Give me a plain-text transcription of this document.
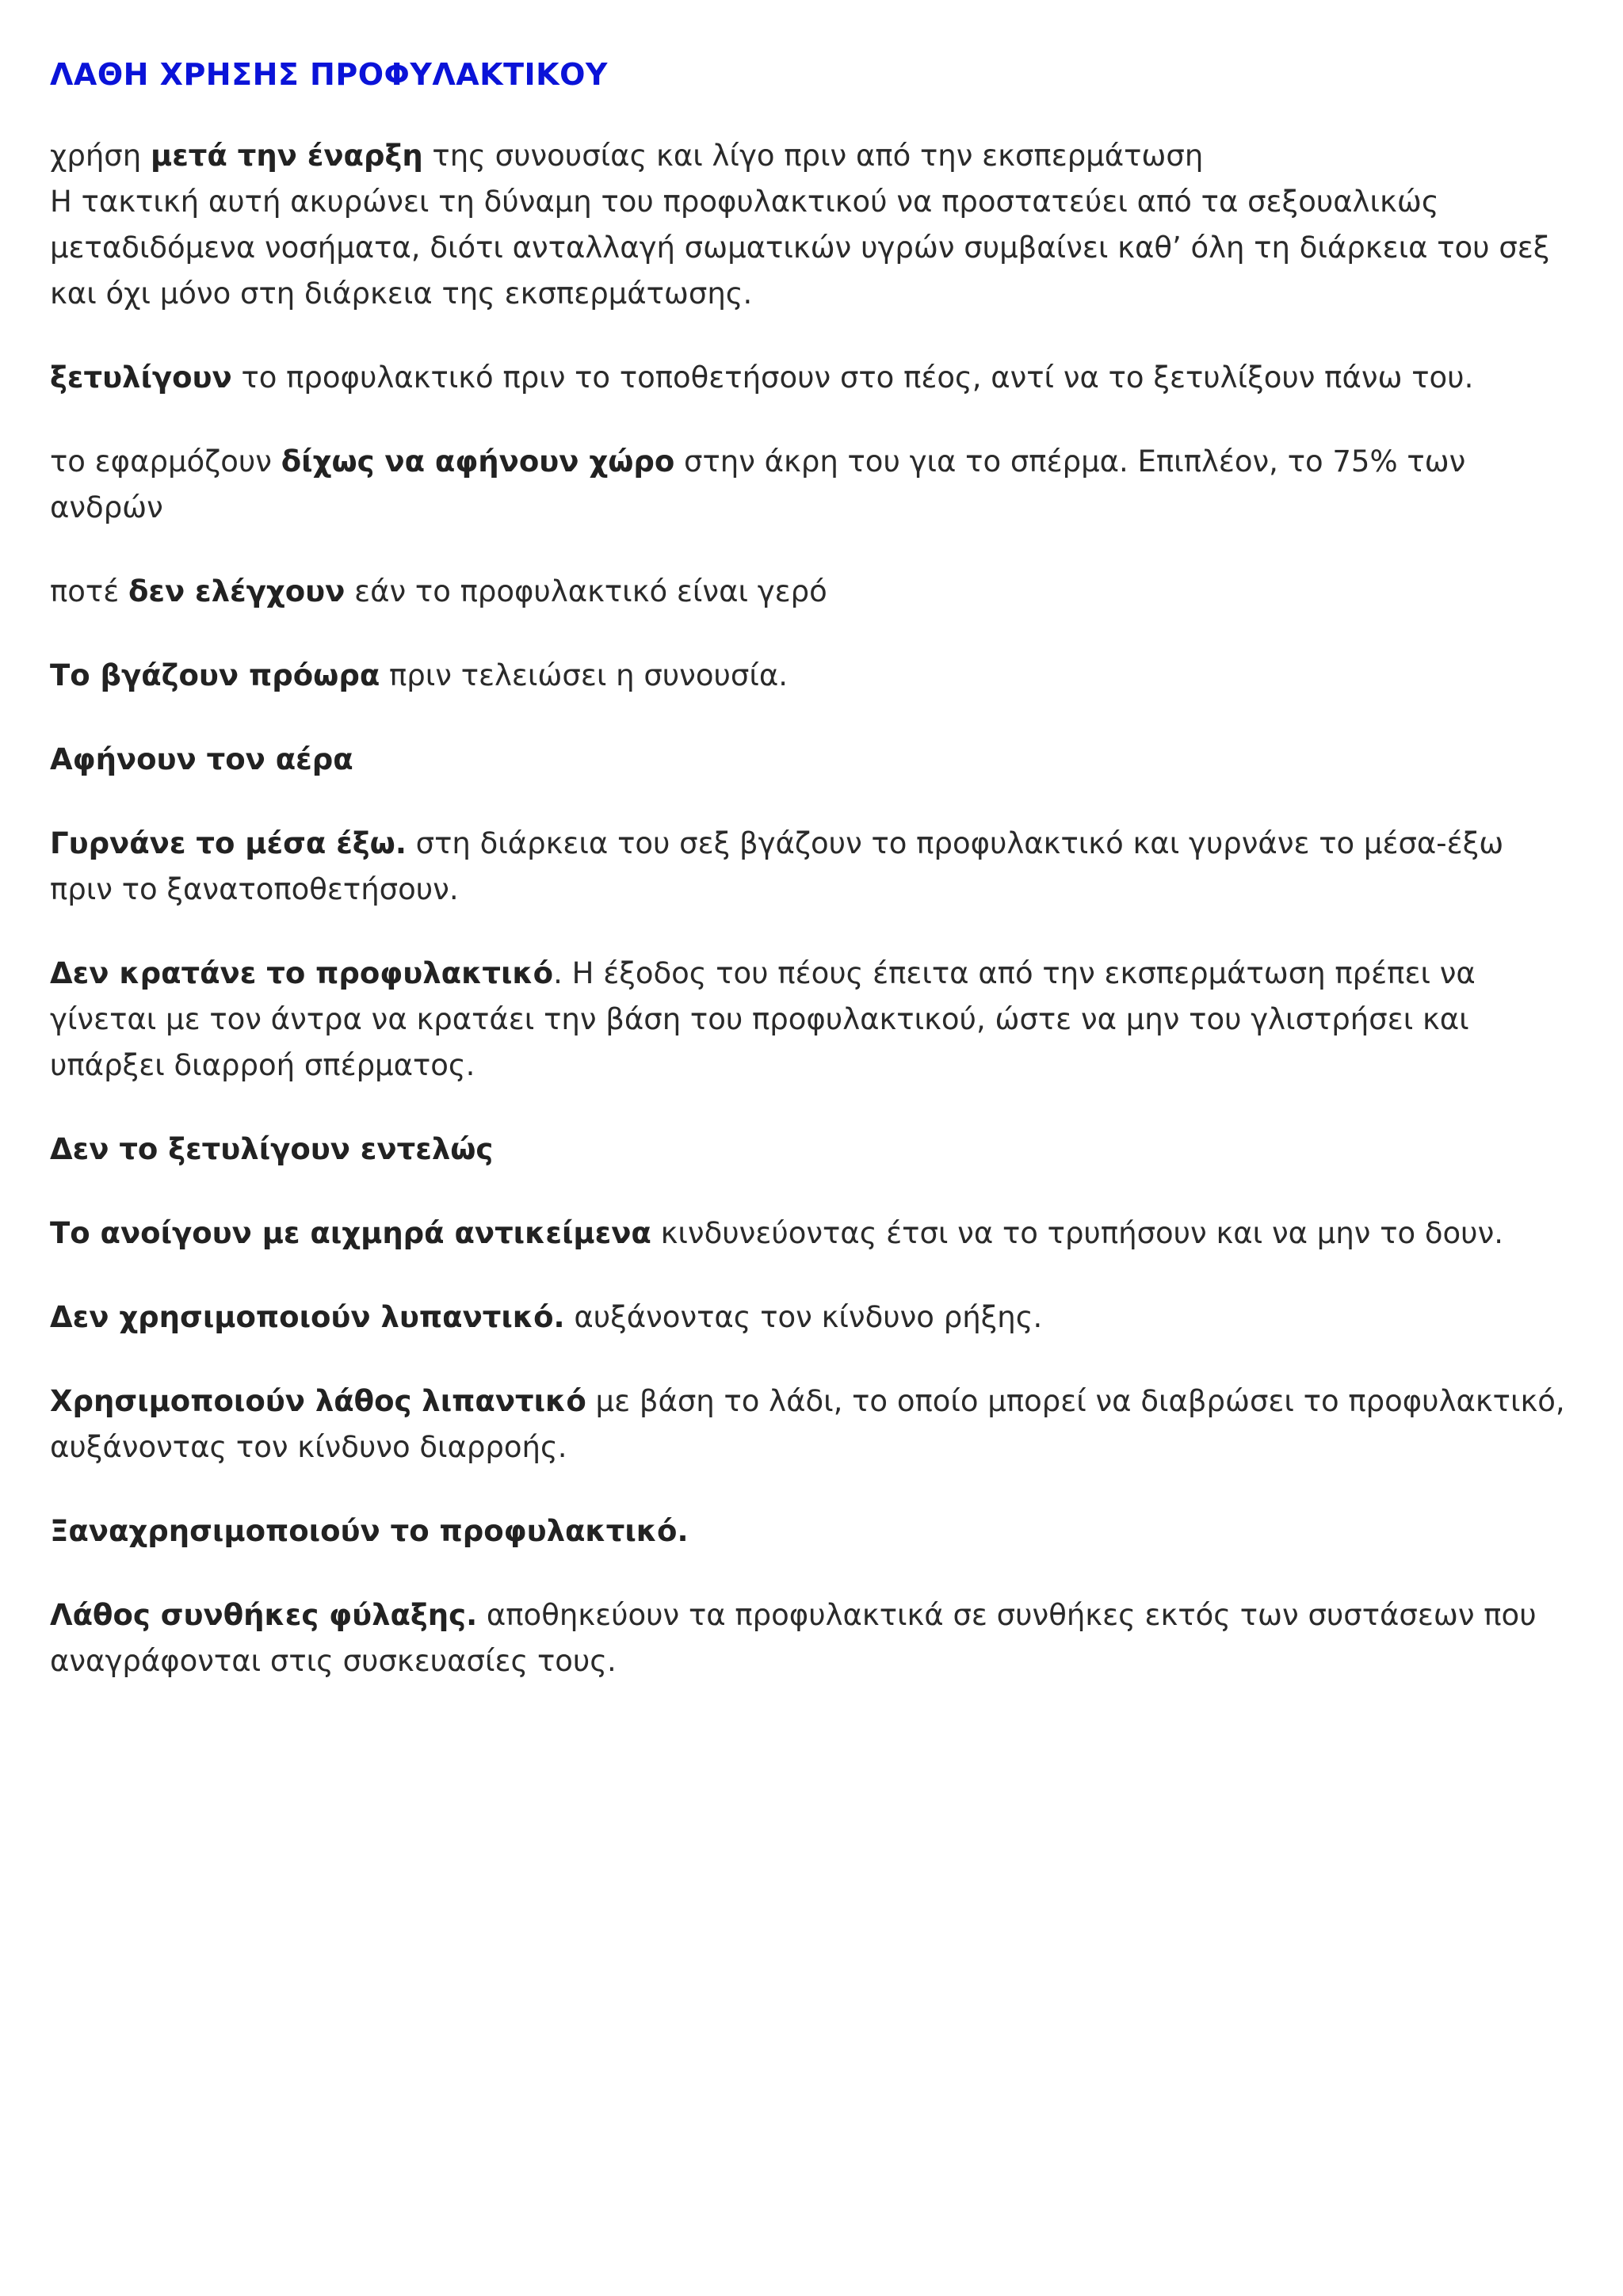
ΛΑΘΗ ΧΡΗΣΗΣ ΠΡΟΦΥΛΑΚΤΙΚΟΥ

χρήση μετά την έναρξη της συνουσίας και λίγο πριν από την εκσπερμάτωση
Η τακτική αυτή ακυρώνει τη δύναμη του προφυλακτικού να προστατεύει από τα σεξουαλικώς μεταδιδόμενα νοσήματα, διότι ανταλλαγή σωματικών υγρών συμβαίνει καθ’ όλη τη διάρκεια του σεξ και όχι μόνο στη διάρκεια της εκσπερμάτωσης.

ξετυλίγουν το προφυλακτικό πριν το τοποθετήσουν στο πέος, αντί να το ξετυλίξουν πάνω του.

το εφαρμόζουν δίχως να αφήνουν χώρο στην άκρη του για το σπέρμα. Επιπλέον, το 75% των ανδρών

ποτέ δεν ελέγχουν εάν το προφυλακτικό είναι γερό

Το βγάζουν πρόωρα πριν τελειώσει η συνουσία.

Αφήνουν τον αέρα

Γυρνάνε το μέσα έξω. στη διάρκεια του σεξ βγάζουν το προφυλακτικό και γυρνάνε το μέσα-έξω πριν το ξανατοποθετήσουν.

Δεν κρατάνε το προφυλακτικό. Η έξοδος του πέους έπειτα από την εκσπερμάτωση πρέπει να γίνεται με τον άντρα να κρατάει την βάση του προφυλακτικού, ώστε να μην του γλιστρήσει και υπάρξει διαρροή σπέρματος.

Δεν το ξετυλίγουν εντελώς

Το ανοίγουν με αιχμηρά αντικείμενα κινδυνεύοντας έτσι να το τρυπήσουν και να μην το δουν.

Δεν χρησιμοποιούν λυπαντικό. αυξάνοντας τον κίνδυνο ρήξης.

Χρησιμοποιούν λάθος λιπαντικό με βάση το λάδι, το οποίο μπορεί να διαβρώσει το προφυλακτικό, αυξάνοντας τον κίνδυνο διαρροής.

Ξαναχρησιμοποιούν το προφυλακτικό.

Λάθος συνθήκες φύλαξης. αποθηκεύουν τα προφυλακτικά σε συνθήκες εκτός των συστάσεων που αναγράφονται στις συσκευασίες τους.
